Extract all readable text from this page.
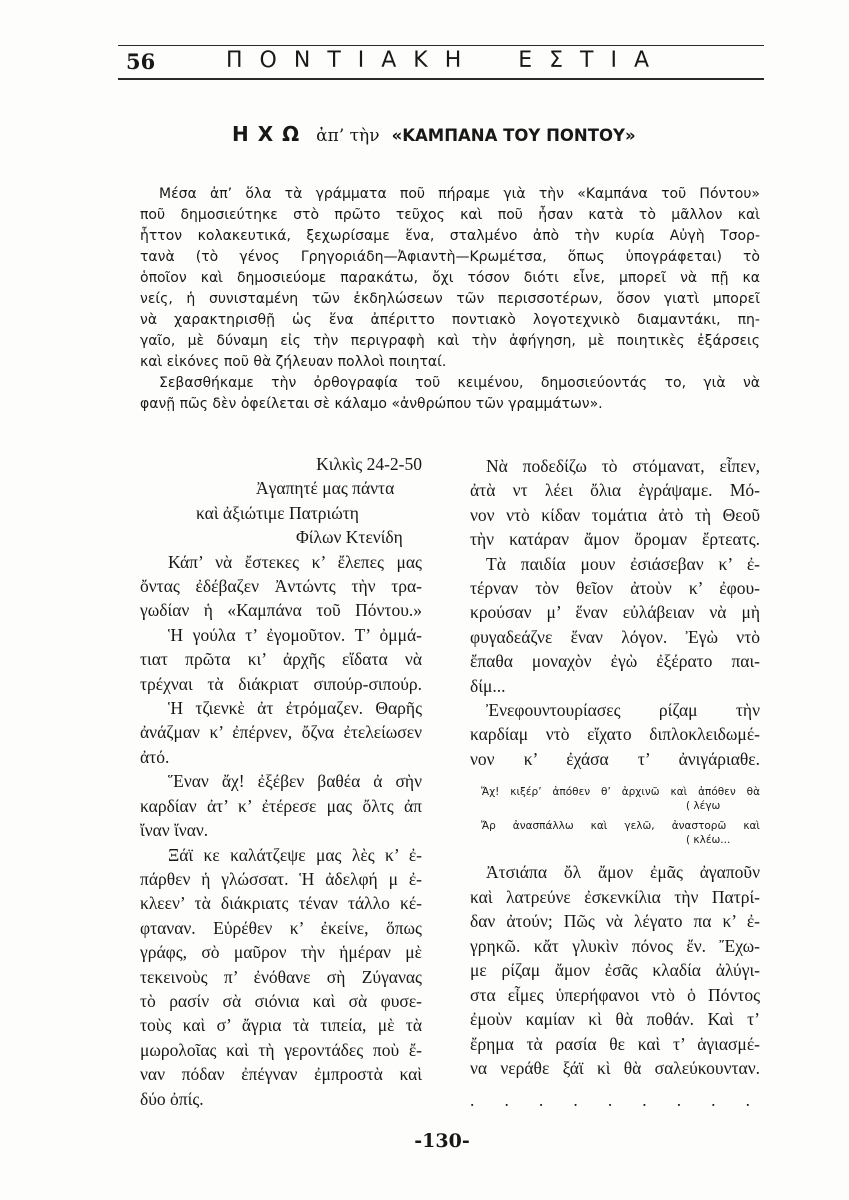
56	ΠΟΝΤΙΑΚΗ ΕΣΤΙΑ
ΗΧΩ ἀπ’ τὴν «ΚΑΜΠΑΝΑ ΤΟΥ ΠΟΝΤΟΥ»
Μέσα ἀπ’ ὅλα τὰ γράμματα ποῦ πήραμε γιὰ τὴν «Καμπάνα τοῦ Πόντου»
ποῦ δημοσιεύτηκε στὸ πρῶτο τεῦχος καὶ ποῦ ἦσαν κατὰ τὸ μᾶλλον καὶ
ἧττον κολακευτικά, ξεχωρίσαμε ἕνα, σταλμένο ἀπὸ τὴν κυρία Αὐγὴ Τσορ-
τανὰ (τὸ γένος Γρηγοριάδη—Ἀφιαντὴ—Κρωμέτσα, ὅπως ὑπογράφεται) τὸ
ὁποῖον καὶ δημοσιεύομε παρακάτω, ὄχι τόσον διότι εἶνε, μπορεῖ νὰ πῇ κα
νείς, ἡ συνισταμένη τῶν ἐκδηλώσεων τῶν περισσοτέρων, ὅσον γιατὶ μπορεῖ
νὰ χαρακτηρισθῇ ὡς ἕνα ἀπέριττο ποντιακὸ λογοτεχνικὸ διαμαντάκι, πη-
γαῖο, μὲ δύναμη εἰς τὴν περιγραφὴ καὶ τὴν ἀφήγηση, μὲ ποιητικὲς ἐξάρσεις
καὶ εἰκόνες ποῦ θὰ ζήλευαν πολλοὶ ποιηταί.
Σεβασθήκαμε τὴν ὀρθογραφία τοῦ κειμένου, δημοσιεύοντάς το, γιὰ νὰ
φανῇ πῶς δὲν ὀφείλεται σὲ κάλαμο «ἀνθρώπου τῶν γραμμάτων».
Κιλκὶς 24-2-50
Ἀγαπητέ μας πάντα
καὶ ἀξιώτιμε Πατριώτη
Φίλων Κτενίδη
Κάπ’ νὰ ἔστεκες κ’ ἔλεπες μας
ὄντας ἐδέβαζεν Ἀντώντς τὴν τρα-
γωδίαν ἡ «Καμπάνα τοῦ Πόντου.»
Ἡ γούλα τ’ ἐγομοῦτον. Τ’ ὀμμά-
τιατ πρῶτα κι’ ἀρχῆς εἴδατα νὰ
τρέχναι τὰ διάκριατ σιπούρ-σιπούρ.
Ἡ τζιενκὲ ἀτ ἐτρόμαζεν. Θαρῆς
ἀνάζμαν κ’ ἐπέρνεν, ὄζνα ἐτελείωσεν
ἀτό.
Ἕναν ἄχ! ἐξέβεν βαθέα ἀ σὴν
καρδίαν ἀτ’ κ’ ἐτέρεσε μας ὄλτς ἀπ
ἴναν ἴναν.
Ξάϊ κε καλάτζεψε μας λὲς κ’ ἐ-
πάρθεν ἡ γλώσσατ. Ἡ ἀδελφή μ ἐ-
κλεεν’ τὰ διάκριατς τέναν τάλλο κέ-
φταναν. Εὑρέθεν κ’ ἐκείνε, ὅπως
γράφς, σὸ μαῦρον τὴν ἡμέραν μὲ
τεκεινοὺς π’ ἐνόθανε σὴ Ζύγανας
τὸ ρασίν σὰ σιόνια καὶ σὰ φυσε-
τοὺς καὶ σ’ ἄγρια τὰ τιπεία, μὲ τὰ
μωρολοῖας καὶ τὴ γεροντάδες ποὺ ἔ-
ναν πόδαν ἐπέγναν ἐμπροστὰ καὶ
δύο ὀπίς.
Νὰ ποδεδίζω τὸ στόμανατ, εἶπεν,
ἀτὰ ντ λέει ὄλια ἐγράψαμε. Μό-
νον ντὸ κίδαν τομάτια ἀτὸ τὴ Θεοῦ
τὴν κατάραν ἄμον ὄρομαν ἔρτεατς.
Τὰ παιδία μουν ἐσιάσεβαν κ’ ἐ-
τέρναν τὸν θεῖον ἀτοὺν κ’ ἐφου-
κρούσαν μ’ ἕναν εὐλάβειαν νὰ μὴ
φυγαδεάζνε ἕναν λόγον. Ἐγὼ ντὸ
ἔπαθα μοναχὸν ἐγὼ ἐξέρατο παι-
δίμ...
Ἐνεφουντουρίασες ρίζαμ τὴν
καρδίαμ ντὸ εἴχατο διπλοκλειδωμέ-
νον κ’ ἐχάσα τ’ ἀνιγάριαθε.
Ἄχ! κιξέρ’ ἀπόθεν θ’ ἀρχινῶ καὶ ἀπόθεν θὰ
( λέγω
Ἄρ ἀνασπάλλω καὶ γελῶ, ἀναστορῶ καὶ
( κλέω...
Ἀτσιάπα ὄλ ἄμον ἐμᾶς ἀγαποῦν
καὶ λατρεύνε ἐσκενκίλια τὴν Πατρί-
δαν ἀτούν; Πῶς νὰ λέγατο πα κ’ ἐ-
γρηκῶ. κἄτ γλυκὶν πόνος ἔν. Ἔχω-
με ρίζαμ ἄμον ἐσᾶς κλαδία ἀλύγι-
στα εἶμες ὑπερήφανοι ντὸ ὁ Πόντος
ἐμοὺν καμίαν κὶ θὰ ποθάν. Καὶ τ’
ἔρημα τὰ ρασία θε καὶ τ’ ἁγιασμέ-
να νεράθε ξάϊ κὶ θὰ σαλεύκουνταν.
. . . . . . . . .
-130-
